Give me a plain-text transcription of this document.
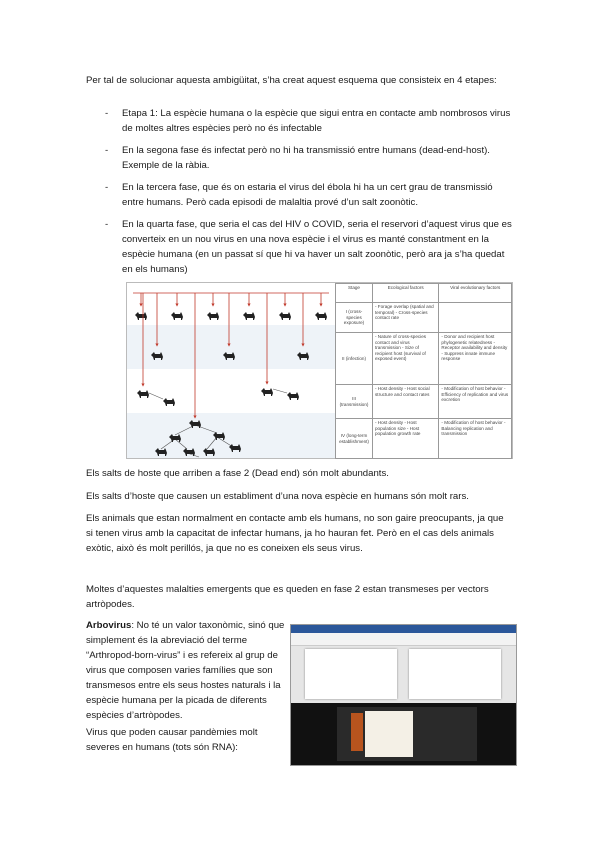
Per tal de solucionar aquesta ambigüitat, s’ha creat aquest esquema que consisteix en 4 etapes:
- Etapa 1: La espècie humana o la espècie que sigui entra en contacte amb nombrosos virus de moltes altres espècies però no és infectable
- En la segona fase és infectat però no hi ha transmissió entre humans (dead-end-host). Exemple de la ràbia.
- En la tercera fase, que és on estaria el virus del ébola hi ha un cert grau de transmissió entre humans. Però cada episodi de malaltia prové d’un salt zoonòtic.
- En la quarta fase, que seria el cas del HIV o COVID, seria el reservori d’aquest virus que es converteix en un nou virus en una nova espècie i el virus es manté constantment en la espècie humana (en un passat sí que hi va haver un salt zoonòtic, però ara ja s’ha quedat en els humans)
Stage	Ecological factors	Viral evolutionary factors
I (cross-species exposure)	- Forage overlap (spatial and temporal) - Cross-species contact rate	
II (infection)	- Nature of cross-species contact and virus transmission - Size of recipient host (survival of exposed event)	- Donor and recipient host phylogenetic relatedness - Receptor availability and density - Suppress innate immune response
III (transmission)	- Host density - Host social structure and contact rates	- Modification of host behavior - Efficiency of replication and virus excretion
IV (long-term establishment)	- Host density - Host population size - Host population growth rate	- Modification of host behavior - Balancing replication and transmission
Els salts de hoste que arriben a fase 2 (Dead end) són molt abundants.
Els salts d’hoste que causen un establiment d’una nova espècie en humans són molt rars.
Els animals que estan normalment en contacte amb els humans, no son gaire preocupants, ja que si tenen virus amb la capacitat de infectar humans, ja ho hauran fet. Però en el cas dels animals exòtic, això és molt perillós, ja que no es coneixen els seus virus.
Moltes d’aquestes malalties emergents que es queden en fase 2 estan transmeses per vectors artròpodes.
Arbovirus: No té un valor taxonòmic, sinó que simplement és la abreviació del terme “Arthropod-born-virus” i es refereix al grup de virus que composen varies famílies que son transmesos entre els seus hostes naturals i la espècie humana per la picada de diferents espècies d’artròpodes.
Virus que poden causar pandèmies molt severes en humans (tots són RNA):
